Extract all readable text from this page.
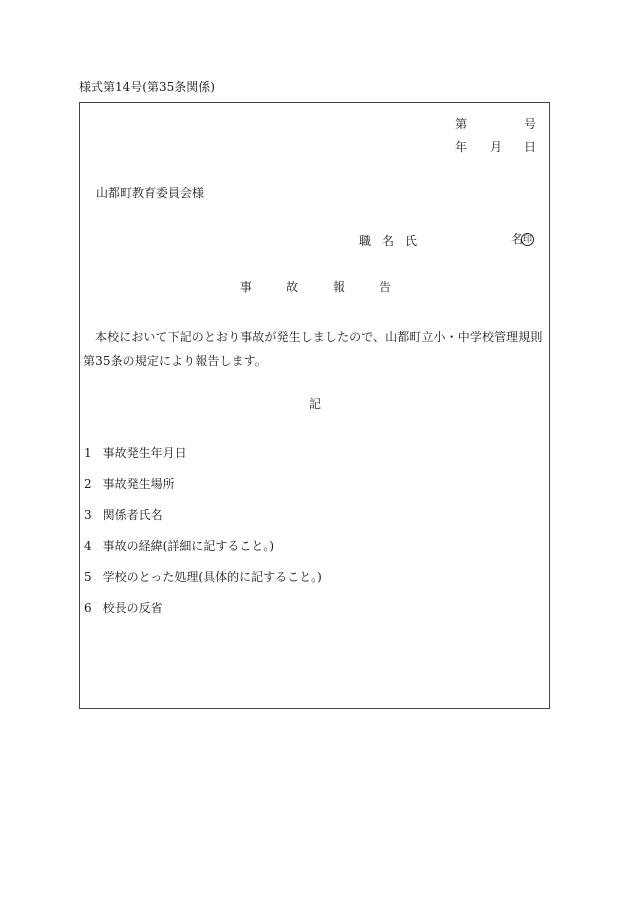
様式第14号(第35条関係)
第	号
年 月 日
山都町教育委員会様
職 名 氏	名印
事	故	報	告
本校において下記のとおり事故が発生しましたので、山都町立小・中学校管理規則第35条の規定により報告します。
記
1 事故発生年月日
2 事故発生場所
3 関係者氏名
4 事故の経緯(詳細に記すること。)
5 学校のとった処理(具体的に記すること。)
6 校長の反省
